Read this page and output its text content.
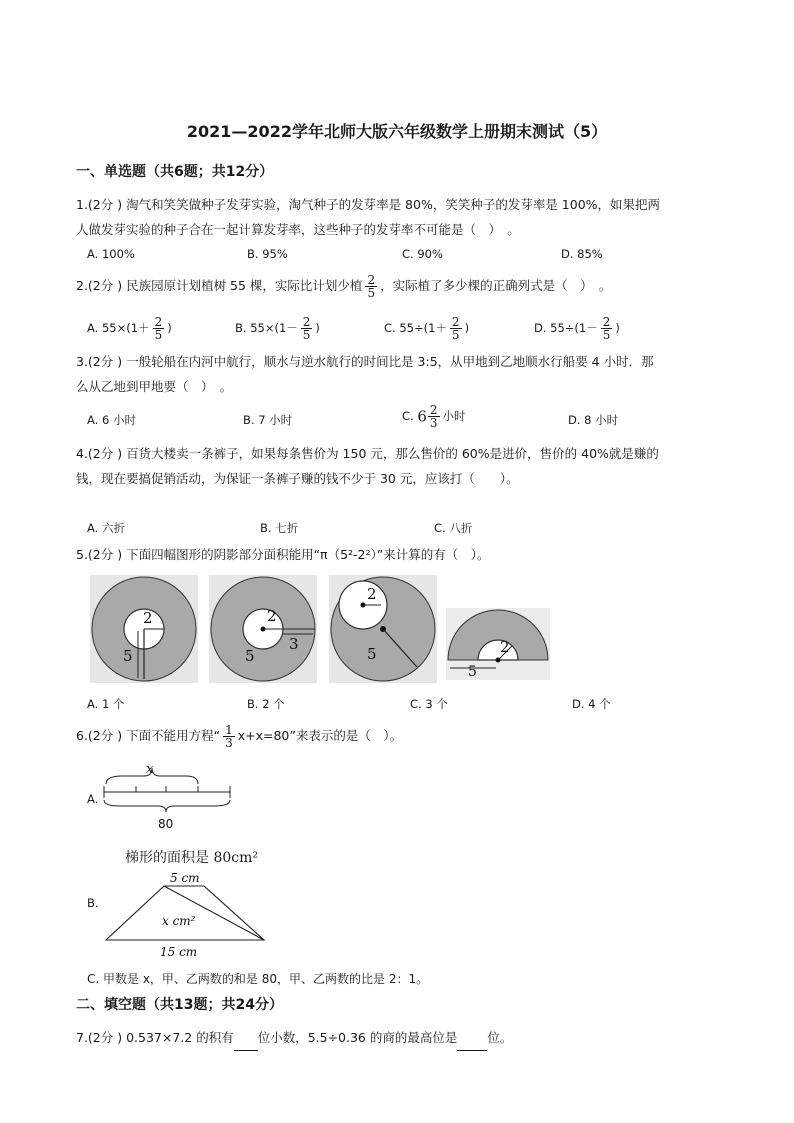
2021—2022学年北师大版六年级数学上册期末测试（5）
一、单选题（共6题；共12分）
1.(2分 ) 淘气和笑笑做种子发芽实验，淘气种子的发芽率是 80%，笑笑种子的发芽率是 100%，如果把两
人做发芽实验的种子合在一起计算发芽率，这些种子的发芽率不可能是（　）　。
A. 100%	B. 95%	C. 90%	D. 85%
2.(2分 ) 民族园原计划植树 55 棵，实际比计划少植 $\frac{2}{5}$ ，实际植了多少棵的正确列式是（　）　。
A. $55\times(1+ \frac{2}{5}$ )	B. $55\times(1- \frac{2}{5}$ )	C. $55\div(1+ \frac{2}{5}$ )	D. $55\div(1- \frac{2}{5}$ )
3.(2分 ) 一般轮船在内河中航行，顺水与逆水航行的时间比是 3:5，从甲地到乙地顺水行船要 4 小时．那
么从乙地到甲地要（　）　。
A. 6 小时	B. 7 小时	C. $6 \frac{2}{3}$ 小时	D. 8 小时
4.(2分 ) 百货大楼卖一条裤子，如果每条售价为 150 元，那么售价的 60%是进价，售价的 40%就是赚的
钱，现在要搞促销活动，为保证一条裤子赚的钱不少于 30 元，应该打（　　）。
A. 六折	B. 七折	C. 八折
5.(2分 ) 下面四幅图形的阴影部分面积能用“π（5²-2²）”来计算的有（　）。
2
5
2
3
5
2
5	2
5
A. 1 个	B. 2 个	C. 3 个	D. 4 个
6.(2分 ) 下面不能用方程“ $\frac{1}{3} x+x=80$”来表示的是（　）。
A.
x
80
梯形的面积是 80cm²
B.
5 cm
x cm²
15 cm
C. 甲数是 x，甲、乙两数的和是 80，甲、乙两数的比是 2：1。
二、填空题（共13题；共24分）
7.(2分 ) 0.537×7.2 的积有 位小数，5.5÷0.36 的商的最高位是 位。
